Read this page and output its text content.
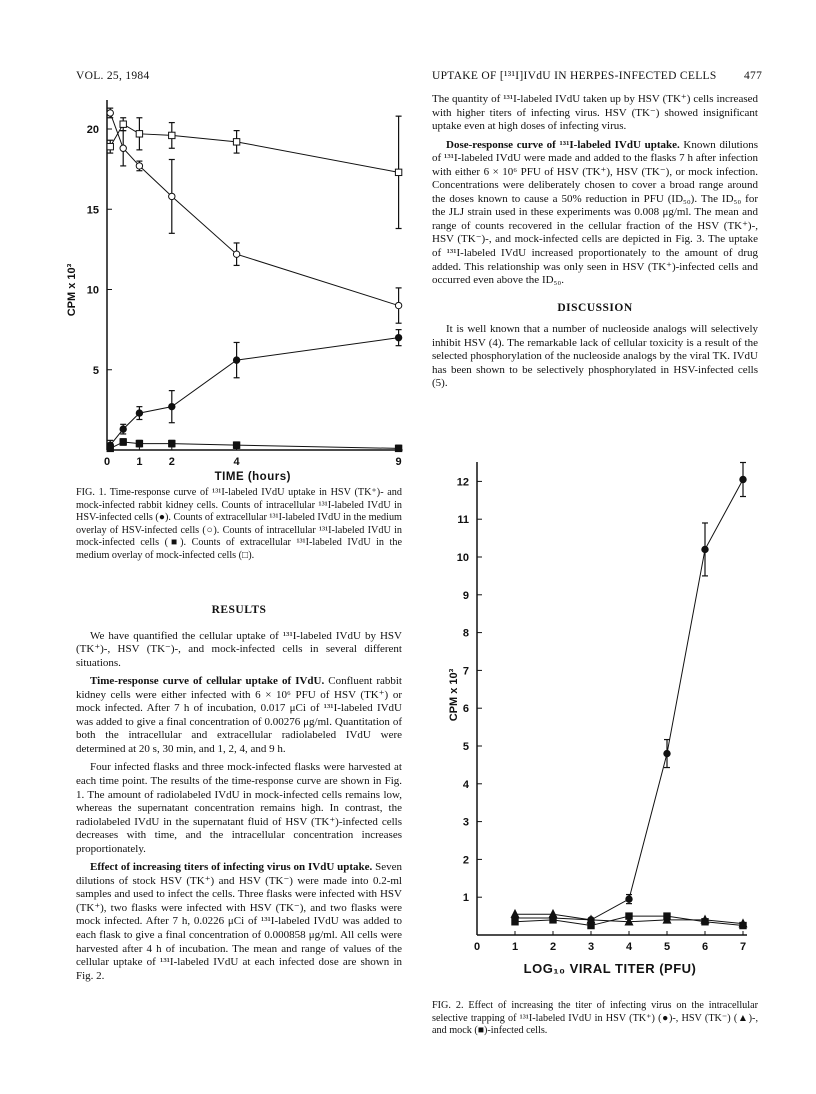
VOL. 25, 1984	UPTAKE OF [¹³¹I]IVdU IN HERPES-INFECTED CELLS 477
5
10
15
20
0 1 2	4	9
TIME (hours)
CPM x 10³
1
2
3
4
5
6
7
8
9
10
11
12
0	1	2	3	4	5	6	7
LOG₁₀ VIRAL TITER (PFU)
CPM x 10³
FIG. 1. Time-response curve of ¹³¹I-labeled IVdU uptake in HSV (TK⁺)- and mock-infected rabbit kidney cells. Counts of intracellular ¹³¹I-labeled IVdU in HSV-infected cells (●). Counts of extracellular ¹³¹I-labeled IVdU in the medium overlay of HSV-infected cells (○). Counts of intracellular ¹³¹I-labeled IVdU in mock-infected cells (■). Counts of extracellular ¹³¹I-labeled IVdU in the medium overlay of mock-infected cells (□).
RESULTS

We have quantified the cellular uptake of ¹³¹I-labeled IVdU by HSV (TK⁺)-, HSV (TK⁻)-, and mock-infected cells in several different situations.

Time-response curve of cellular uptake of IVdU. Confluent rabbit kidney cells were either infected with 6 × 10⁶ PFU of HSV (TK⁺) or mock infected. After 7 h of incubation, 0.017 μCi of ¹³¹I-labeled IVdU was added to give a final concentration of 0.00276 μg/ml. Quantitation of both the intracellular and extracellular radiolabeled IVdU were determined at 20 s, 30 min, and 1, 2, 4, and 9 h.

Four infected flasks and three mock-infected flasks were harvested at each time point. The results of the time-response curve are shown in Fig. 1. The amount of radiolabeled IVdU in mock-infected cells remains low, whereas the supernatant concentration remains high. In contrast, the radiolabeled IVdU in the supernatant fluid of HSV (TK⁺)-infected cells decreases with time, and the intracellular concentration increases proportionately.

Effect of increasing titers of infecting virus on IVdU uptake. Seven dilutions of stock HSV (TK⁺) and HSV (TK⁻) were made into 0.2-ml samples and used to infect the cells. Three flasks were infected with HSV (TK⁺), two flasks were infected with HSV (TK⁻), and two flasks were mock infected. After 7 h, 0.0226 μCi of ¹³¹I-labeled IVdU was added to each flask to give a final concentration of 0.000858 μg/ml. All cells were harvested after 4 h of incubation. The mean and range of values of the cellular uptake of ¹³¹I-labeled IVdU at each infected dose are shown in Fig. 2.

The quantity of ¹³¹I-labeled IVdU taken up by HSV (TK⁺) cells increased with higher titers of infecting virus. HSV (TK⁻) showed insignificant uptake even at high doses of infecting virus.

Dose-response curve of ¹³¹I-labeled IVdU uptake. Known dilutions of ¹³¹I-labeled IVdU were made and added to the flasks 7 h after infection with either 6 × 10⁶ PFU of HSV (TK⁺), HSV (TK⁻), or mock infection. Concentrations were deliberately chosen to cover a broad range around the doses known to cause a 50% reduction in PFU (ID₅₀). The ID₅₀ for the JLJ strain used in these experiments was 0.008 μg/ml. The mean and range of counts recovered in the cellular fraction of the HSV (TK⁺)-, HSV (TK⁻)-, and mock-infected cells are depicted in Fig. 3. The uptake of ¹³¹I-labeled IVdU increased proportionately to the amount of drug added. This relationship was only seen in HSV (TK⁺)-infected cells and occurred even above the ID₅₀.

DISCUSSION

It is well known that a number of nucleoside analogs will selectively inhibit HSV (4). The remarkable lack of cellular toxicity is a result of the selected phosphorylation of the nucleoside analogs by the viral TK. IVdU has been shown to be selectively phosphorylated in HSV-infected cells (5).

FIG. 2. Effect of increasing the titer of infecting virus on the intracellular selective trapping of ¹³¹I-labeled IVdU in HSV (TK⁺) (●)-, HSV (TK⁻) (▲)-, and mock (■)-infected cells.
